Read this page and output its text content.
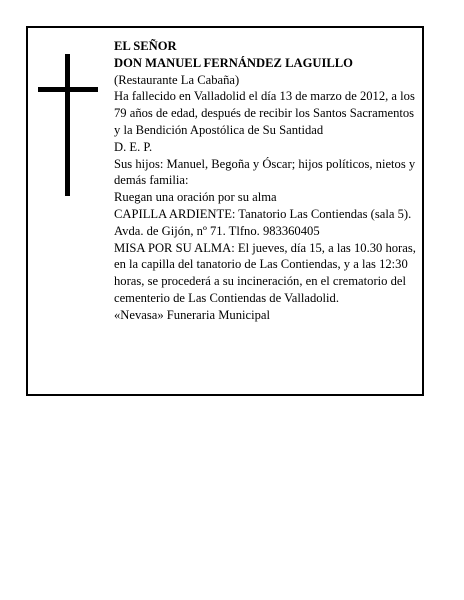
EL SEÑOR
DON MANUEL FERNÁNDEZ LAGUILLO
(Restaurante La Cabaña)
Ha fallecido en Valladolid el día 13 de marzo de 2012, a los 79 años de edad, después de recibir los Santos Sacramentos y la Bendición Apostólica de Su Santidad
D. E. P.
Sus hijos: Manuel, Begoña y Óscar; hijos políticos, nietos y demás familia:
Ruegan una oración por su alma
CAPILLA ARDIENTE: Tanatorio Las Contiendas (sala 5). Avda. de Gijón, nº 71. Tlfno. 983360405
MISA POR SU ALMA: El jueves, día 15, a las 10.30 horas, en la capilla del tanatorio de Las Contiendas, y a las 12:30 horas, se procederá a su incineración, en el crematorio del cementerio de Las Contiendas de Valladolid.
«Nevasa» Funeraria Municipal
